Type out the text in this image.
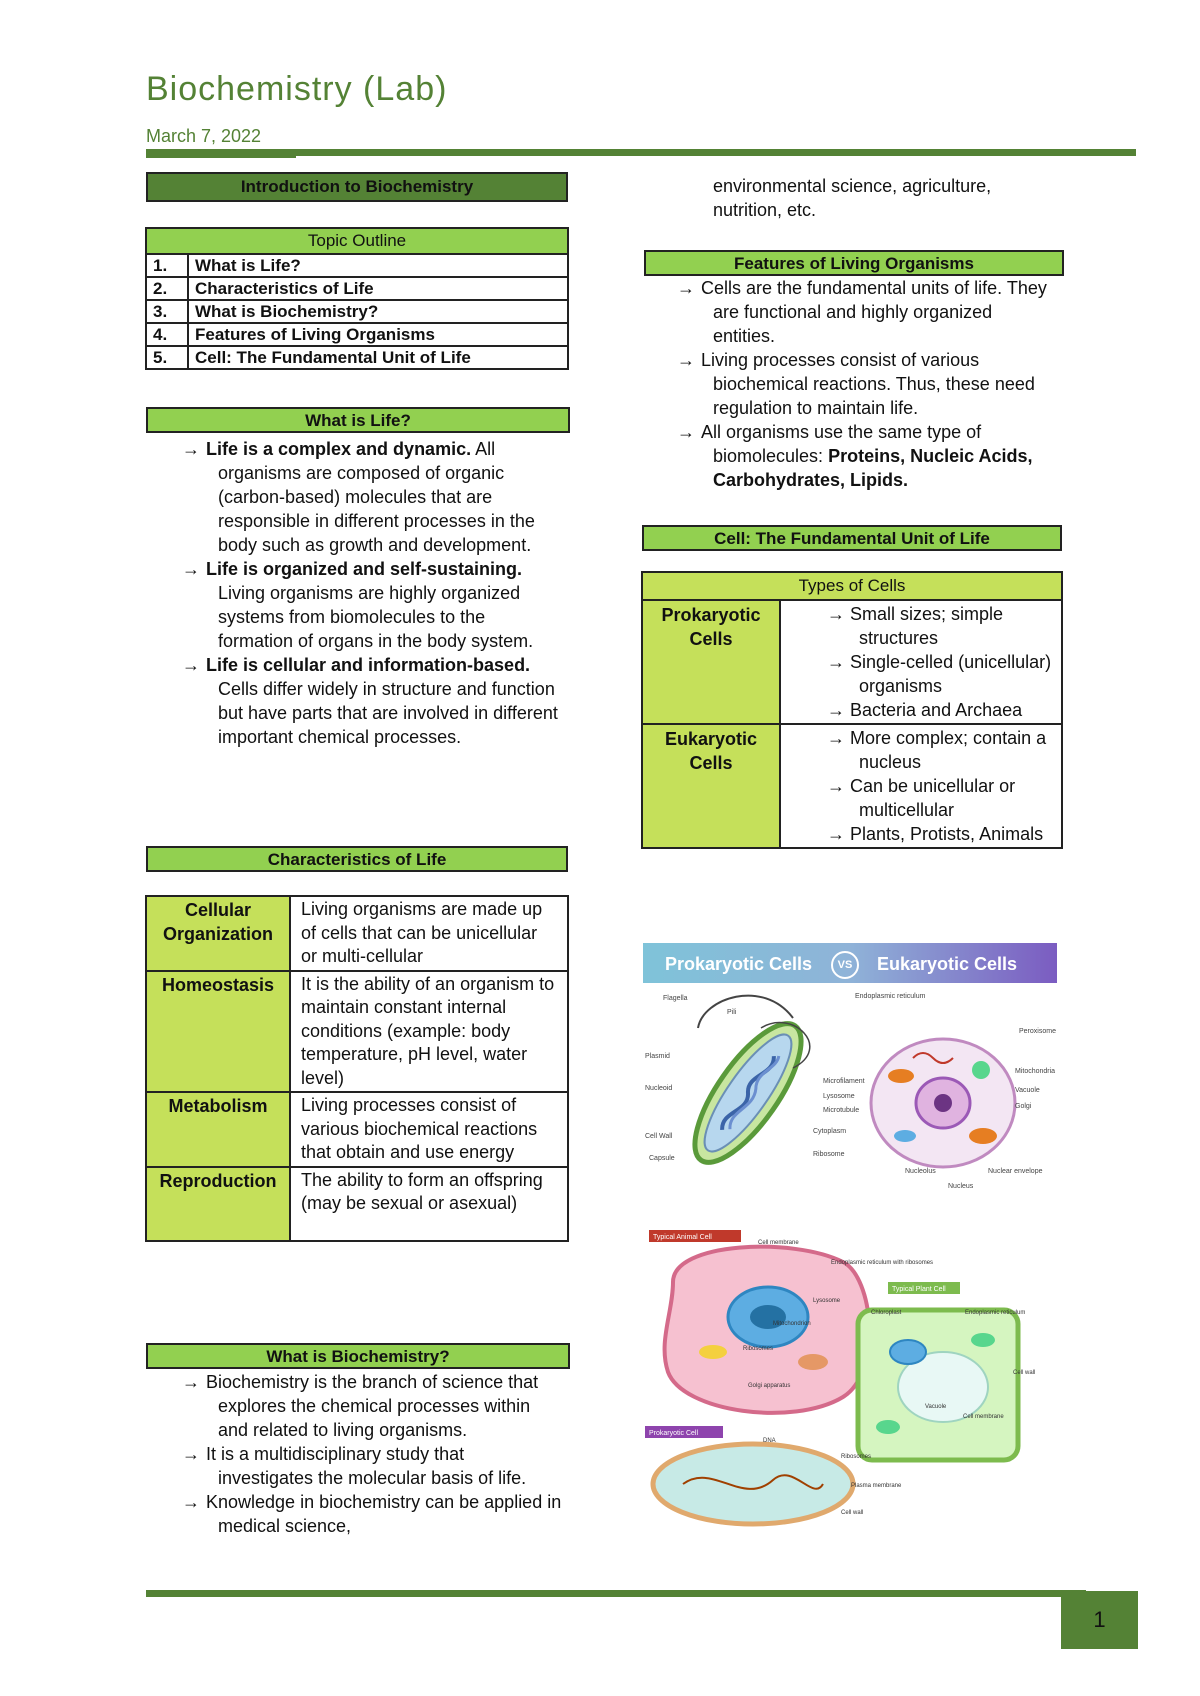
Biochemistry (Lab)
March 7, 2022
Introduction to Biochemistry
Topic Outline	
1.	What is Life?
2.	Characteristics of Life
3.	What is Biochemistry?
4.	Features of Living Organisms
5.	Cell: The Fundamental Unit of Life
What is Life?

→ Life is a complex and dynamic. All organisms are composed of organic (carbon-based) molecules that are responsible in different processes in the body such as growth and development.

→ Life is organized and self-sustaining. Living organisms are highly organized systems from biomolecules to the formation of organs in the body system.

→ Life is cellular and information-based. Cells differ widely in structure and function but have parts that are involved in different important chemical processes.

Characteristics of Life
Cellular Organization	Living organisms are made up of cells that can be unicellular or multi-cellular
Homeostasis	It is the ability of an organism to maintain constant internal conditions (example: body temperature, pH level, water level)
Metabolism	Living processes consist of various biochemical reactions that obtain and use energy
Reproduction	The ability to form an offspring (may be sexual or asexual)
What is Biochemistry?

→ Biochemistry is the branch of science that explores the chemical processes within and related to living organisms.

→ It is a multidisciplinary study that investigates the molecular basis of life.

→ Knowledge in biochemistry can be applied in medical science,

environmental science, agriculture, nutrition, etc.
Features of Living Organisms

→ Cells are the fundamental units of life. They are functional and highly organized entities.

→ Living processes consist of various biochemical reactions. Thus, these need regulation to maintain life.

→ All organisms use the same type of biomolecules: Proteins, Nucleic Acids, Carbohydrates, Lipids.

Cell: The Fundamental Unit of Life
Types of Cells	
Prokaryotic Cells	→ Small sizes; simple structures
→ Single-celled (unicellular) organisms
→ Bacteria and Archaea

Eukaryotic Cells	→ More complex; contain a nucleus
→ Can be unicellular or multicellular
→ Plants, Protists, Animals
Prokaryotic Cells	VS	Eukaryotic Cells
Flagella
Pili
Plasmid
Nucleoid
Cell Wall
Capsule
Endoplasmic reticulum
Microfilament
Lysosome
Microtubule
Cytoplasm
Ribosome
Peroxisome
Mitochondria
Vacuole
Golgi
Nucleolus	Nuclear envelope
Nucleus
Typical Animal Cell
Typical Plant Cell
Prokaryotic Cell
Cell membrane
Endoplasmic reticulum with ribosomes
Lysosome
Mitochondrion
Ribosomes
Golgi apparatus
Chloroplast	Endoplasmic reticulum
Cell wall
Vacuole
Cell membrane
DNA
Ribosomes
Plasma membrane
Cell wall
1
